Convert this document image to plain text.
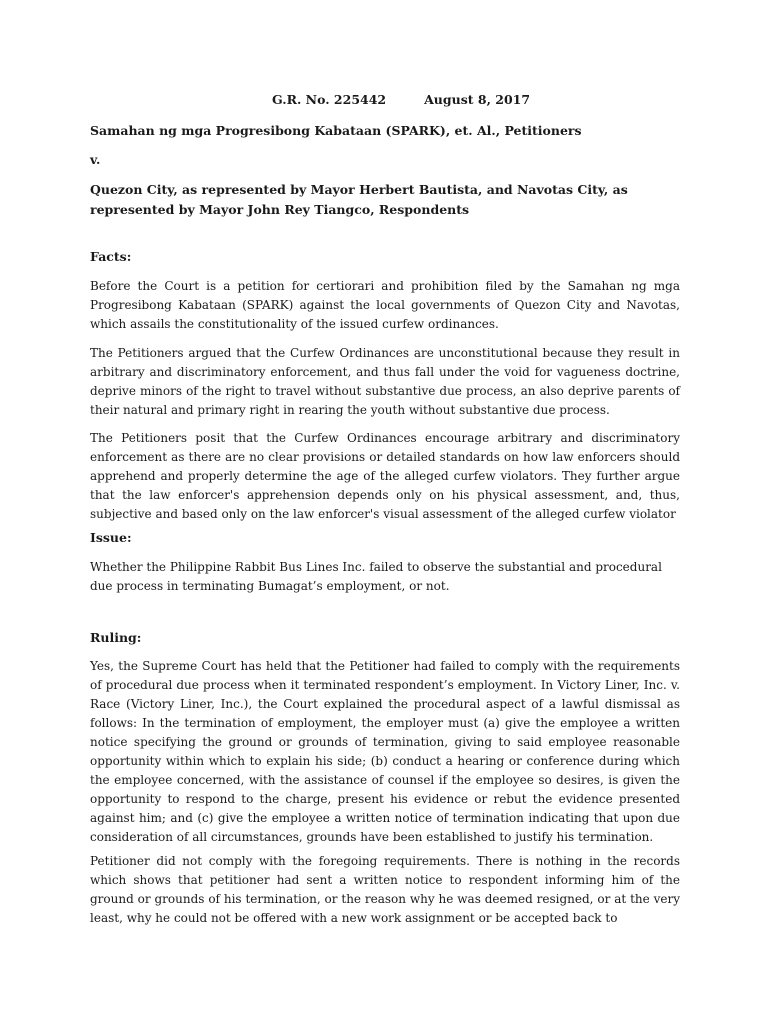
G.R. No. 225442	August 8, 2017
Samahan ng mga Progresibong Kabataan (SPARK), et. Al., Petitioners
v.
Quezon City, as represented by Mayor Herbert Bautista, and Navotas City, as represented by Mayor John Rey Tiangco, Respondents
Facts:
Before the Court is a petition for certiorari and prohibition filed by the Samahan ng mga Progresibong Kabataan (SPARK) against the local governments of Quezon City and Navotas, which assails the constitutionality of the issued curfew ordinances.
The Petitioners argued that the Curfew Ordinances are unconstitutional because they result in arbitrary and discriminatory enforcement, and thus fall under the void for vagueness doctrine, deprive minors of the right to travel without substantive due process, an also deprive parents of their natural and primary right in rearing the youth without substantive due process.
The Petitioners posit that the Curfew Ordinances encourage arbitrary and discriminatory enforcement as there are no clear provisions or detailed standards on how law enforcers should apprehend and properly determine the age of the alleged curfew violators. They further argue that the law enforcer's apprehension depends only on his physical assessment, and, thus, subjective and based only on the law enforcer's visual assessment of the alleged curfew violator
Issue:
Whether the Philippine Rabbit Bus Lines Inc. failed to observe the substantial and procedural due process in terminating Bumagat’s employment, or not.
Ruling:
Yes, the Supreme Court has held that the Petitioner had failed to comply with the requirements of procedural due process when it terminated respondent’s employment. In Victory Liner, Inc. v. Race (Victory Liner, Inc.), the Court explained the procedural aspect of a lawful dismissal as follows: In the termination of employment, the employer must (a) give the employee a written notice specifying the ground or grounds of termination, giving to said employee reasonable opportunity within which to explain his side; (b) conduct a hearing or conference during which the employee concerned, with the assistance of counsel if the employee so desires, is given the opportunity to respond to the charge, present his evidence or rebut the evidence presented against him; and (c) give the employee a written notice of termination indicating that upon due consideration of all circumstances, grounds have been established to justify his termination.
Petitioner did not comply with the foregoing requirements. There is nothing in the records which shows that petitioner had sent a written notice to respondent informing him of the ground or grounds of his termination, or the reason why he was deemed resigned, or at the very least, why he could not be offered with a new work assignment or be accepted back to
